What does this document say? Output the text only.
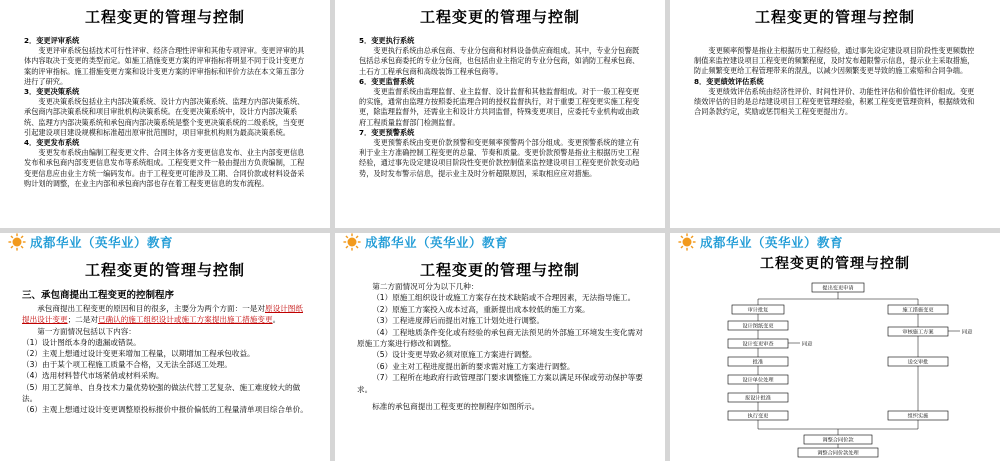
工程变更的管理与控制

2．变更评审系统

变更评审系统包括技术可行性评审、经济合理性评审和其他专项评审。变更评审的具体内容取决于变更的类型而定。如施工措施变更方案的评审指标将明显不同于设计变更方案的评审指标。施工措施变更方案和设计变更方案的评审指标和评价方法在本文第五部分进行了研究。

3．变更决策系统

变更决策系统包括业主内部决策系统、设计方内部决策系统、监理方内部决策系统、承包商内部决策系统和项目审批机构决策系统。在变更决策系统中，设计方内部决策系统、监理方内部决策系统和承包商内部决策系统是整个变更决策系统的二级系统，当变更引起建设项目建设规模和标准超出原审批范围时，项目审批机构则为最高决策系统。

4．变更发布系统

变更发布系统由编制工程变更文件、合同主体各方变更信息发布、业主内部变更信息发布和承包商内部变更信息发布等系统组成。工程变更文件一般由提出方负责编制，工程变更信息应由业主方统一编码发布。由于工程变更可能涉及工期、合同价款或材料设备采购计划的调整，在业主内部和承包商内部也存在着工程变更信息的发布流程。

工程变更的管理与控制

5．变更执行系统

变更执行系统由总承包商、专业分包商和材料设备供应商组成。其中，专业分包商既包括总承包商委托的专业分包商，也包括由业主指定的专业分包商，如消防工程承包商、土石方工程承包商和高级装饰工程承包商等。

6．变更监督系统

变更监督系统由监理监督、业主监督、设计监督和其他监督组成。对于一般工程变更的实施，通常由监理方按照委托监理合同的授权监督执行，对于重要工程变更实施工程变更，除监理监督外，还需业主和设计方共同监督，特殊变更项目，应委托专业机构或由政府工程质量监督部门检测监督。

7．变更预警系统

变更预警系统由变更价款预警和变更频率预警两个部分组成。变更预警系统的建立有利于业主方准确控制工程变更的总量、节奏和质量。变更价款预警是指业主根据历史工程经验，通过事先设定建设项目阶段性变更价款控制值来监控建设项目工程变更价款变动趋势，及时发布警示信息，提示业主及时分析超限原因，采取相应应对措施。

工程变更的管理与控制

变更频率预警是指业主根据历史工程经验，通过事先设定建设项目阶段性变更频数控制值来监控建设项目工程变更的频繁程度，及时发布超限警示信息，提示业主采取措施，防止频繁变更给工程管理带来的混乱，以减少因频繁变更导致的施工索赔和合同争端。

8．变更绩效评估系统

变更绩效评估系统由经济性评价、时间性评价、功能性评估和价值性评价组成。变更绩效评估的目的是总结建设项目工程变更管理经验，积累工程变更管理资料，根据绩效和合同条款约定，奖励或惩罚相关工程变更提出方。

成都华业（英华业）教育
工程变更的管理与控制

三、承包商提出工程变更的控制程序

承包商提出工程变更的原因和目的很多，主要分为两个方面：一是对原设计图纸提出设计变更；二是对已确认的施工组织设计或施工方案提出施工措施变更。

第一方面情况包括以下内容：

（1）设计图纸本身的遗漏或错误。

（2）主观上想通过设计变更来增加工程量，以期增加工程承包收益。

（3）由于某个项工程施工质量不合格，又无法全部返工处理。

（4）选用材料替代市场紧俏或材料采购。

（5）用工艺简单、自身技术力量优势较强的做法代替工艺复杂、施工难度较大的做法。

（6）主观上想通过设计变更调整原投标报价中报价偏低的工程量清单项目综合单价。

成都华业（英华业）教育
工程变更的管理与控制

第二方面情况可分为以下几种：

（1）原施工组织设计或施工方案存在技术缺陷或不合理因素，无法指导施工。

（2）原施工方案投入成本过高，重新提出成本较低的施工方案。

（3）工程进度滞后而提出对施工计划处进行调整。

（4）工程地质条件变化或有经验的承包商无法预见的外部施工环境发生变化需对原施工方案进行修改和调整。

（5）设计变更导致必须对原施工方案进行调整。

（6）业主对工程进度提出新的要求需对施工方案进行调整。

（7）工程所在地政府行政管理部门要求调整施工方案以满足环保或劳动保护等要求。

标准的承包商提出工程变更的控制程序如图所示。

成都华业（英华业）教育
工程变更的管理与控制
提出变更申请
审计批复
设计图纸变更
设计变更审查	同意
批准
设计单位处理
报设计批准
执行变更
施工措施变更
审核施工方案	同意
送交审批
组织实施
调整合同价款
调整合同价款处理
